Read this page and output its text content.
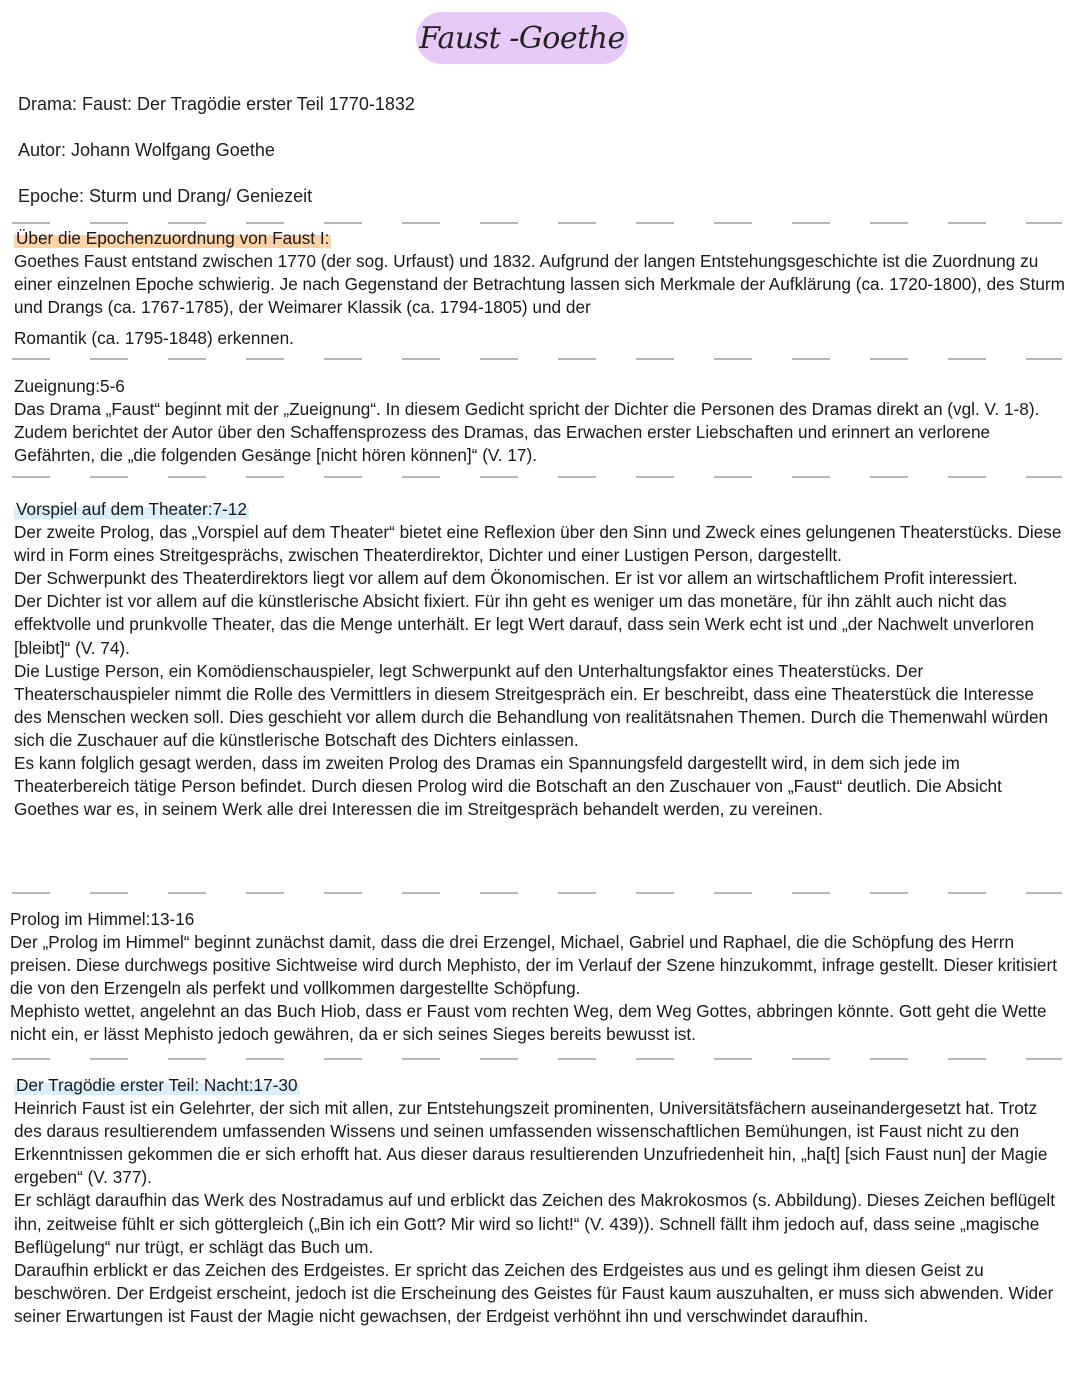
Faust -Goethe
Drama: Faust: Der Tragödie erster Teil 1770-1832
Autor: Johann Wolfgang Goethe
Epoche: Sturm und Drang/ Geniezeit
Über die Epochenzuordnung von Faust I:

Goethes Faust entstand zwischen 1770 (der sog. Urfaust) und 1832. Aufgrund der langen Entstehungsgeschichte ist die Zuordnung zu einer einzelnen Epoche schwierig. Je nach Gegenstand der Betrachtung lassen sich Merkmale der Aufklärung (ca. 1720-1800), des Sturm und Drangs (ca. 1767-1785), der Weimarer Klassik (ca. 1794-1805) und der

Romantik (ca. 1795-1848) erkennen.

Zueignung:5-6

Das Drama „Faust“ beginnt mit der „Zueignung“. In diesem Gedicht spricht der Dichter die Personen des Dramas direkt an (vgl. V. 1-8). Zudem berichtet der Autor über den Schaffensprozess des Dramas, das Erwachen erster Liebschaften und erinnert an verlorene Gefährten, die „die folgenden Gesänge [nicht hören können]“ (V. 17).

Vorspiel auf dem Theater:7-12

Der zweite Prolog, das „Vorspiel auf dem Theater“ bietet eine Reflexion über den Sinn und Zweck eines gelungenen Theaterstücks. Diese wird in Form eines Streitgesprächs, zwischen Theaterdirektor, Dichter und einer Lustigen Person, dargestellt.

Der Schwerpunkt des Theaterdirektors liegt vor allem auf dem Ökonomischen. Er ist vor allem an wirtschaftlichem Profit interessiert.

Der Dichter ist vor allem auf die künstlerische Absicht fixiert. Für ihn geht es weniger um das monetäre, für ihn zählt auch nicht das effektvolle und prunkvolle Theater, das die Menge unterhält. Er legt Wert darauf, dass sein Werk echt ist und „der Nachwelt unverloren [bleibt]“ (V. 74).

Die Lustige Person, ein Komödienschauspieler, legt Schwerpunkt auf den Unterhaltungsfaktor eines Theaterstücks. Der Theaterschauspieler nimmt die Rolle des Vermittlers in diesem Streitgespräch ein. Er beschreibt, dass eine Theaterstück die Interesse des Menschen wecken soll. Dies geschieht vor allem durch die Behandlung von realitätsnahen Themen. Durch die Themenwahl würden sich die Zuschauer auf die künstlerische Botschaft des Dichters einlassen.

Es kann folglich gesagt werden, dass im zweiten Prolog des Dramas ein Spannungsfeld dargestellt wird, in dem sich jede im Theaterbereich tätige Person befindet. Durch diesen Prolog wird die Botschaft an den Zuschauer von „Faust“ deutlich. Die Absicht Goethes war es, in seinem Werk alle drei Interessen die im Streitgespräch behandelt werden, zu vereinen.

Prolog im Himmel:13-16

Der „Prolog im Himmel“ beginnt zunächst damit, dass die drei Erzengel, Michael, Gabriel und Raphael, die die Schöpfung des Herrn preisen. Diese durchwegs positive Sichtweise wird durch Mephisto, der im Verlauf der Szene hinzukommt, infrage gestellt. Dieser kritisiert die von den Erzengeln als perfekt und vollkommen dargestellte Schöpfung.

Mephisto wettet, angelehnt an das Buch Hiob, dass er Faust vom rechten Weg, dem Weg Gottes, abbringen könnte. Gott geht die Wette nicht ein, er lässt Mephisto jedoch gewähren, da er sich seines Sieges bereits bewusst ist.

Der Tragödie erster Teil: Nacht:17-30

Heinrich Faust ist ein Gelehrter, der sich mit allen, zur Entstehungszeit prominenten, Universitätsfächern auseinandergesetzt hat. Trotz des daraus resultierendem umfassenden Wissens und seinen umfassenden wissenschaftlichen Bemühungen, ist Faust nicht zu den Erkenntnissen gekommen die er sich erhofft hat. Aus dieser daraus resultierenden Unzufriedenheit hin, „ha[t] [sich Faust nun] der Magie ergeben“ (V. 377).

Er schlägt daraufhin das Werk des Nostradamus auf und erblickt das Zeichen des Makrokosmos (s. Abbildung). Dieses Zeichen beflügelt ihn, zeitweise fühlt er sich göttergleich („Bin ich ein Gott? Mir wird so licht!“ (V. 439)). Schnell fällt ihm jedoch auf, dass seine „magische Beflügelung“ nur trügt, er schlägt das Buch um.

Daraufhin erblickt er das Zeichen des Erdgeistes. Er spricht das Zeichen des Erdgeistes aus und es gelingt ihm diesen Geist zu beschwören. Der Erdgeist erscheint, jedoch ist die Erscheinung des Geistes für Faust kaum auszuhalten, er muss sich abwenden. Wider seiner Erwartungen ist Faust der Magie nicht gewachsen, der Erdgeist verhöhnt ihn und verschwindet daraufhin.
